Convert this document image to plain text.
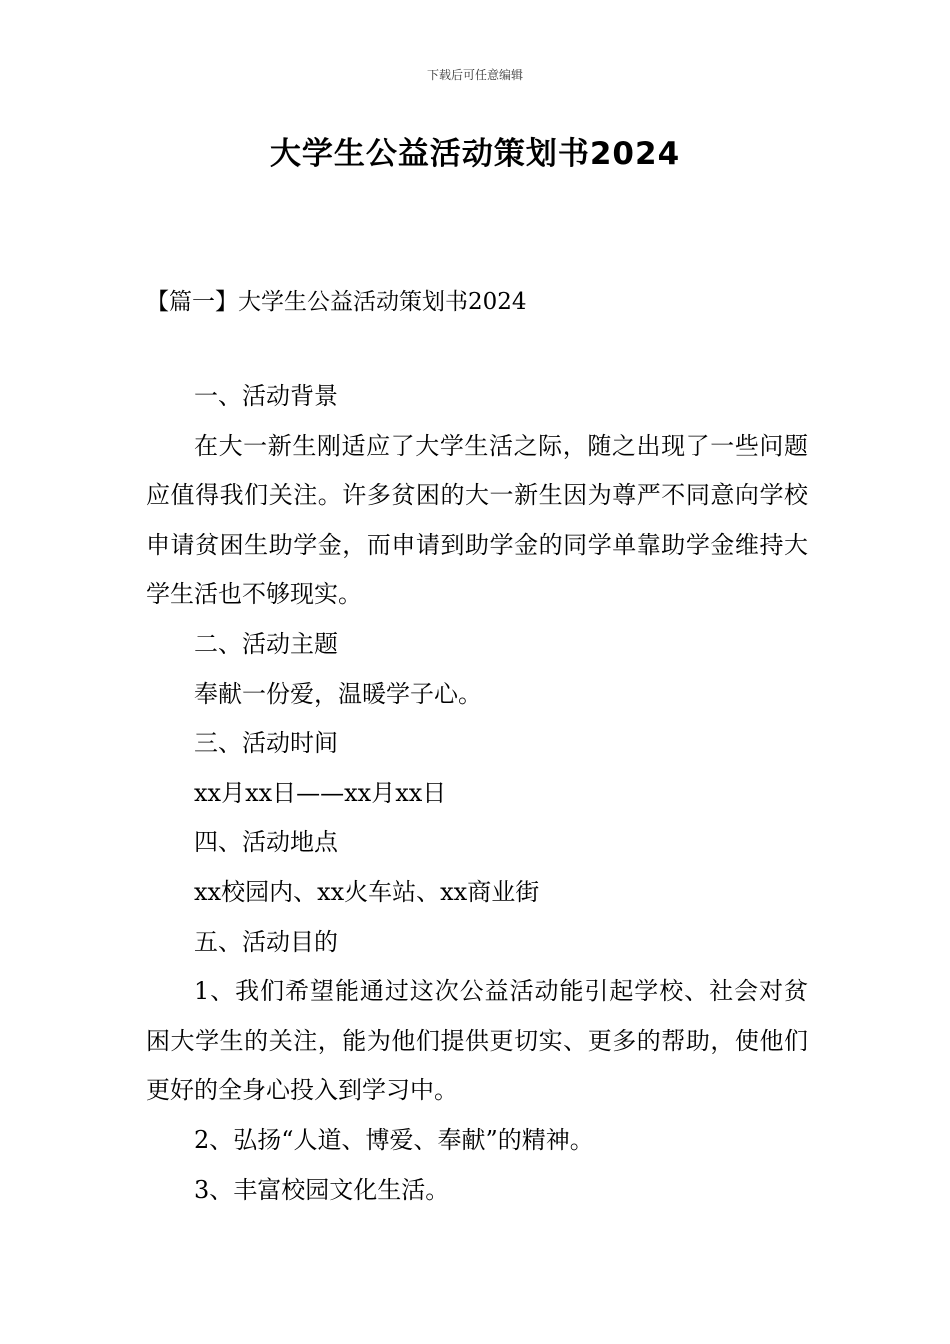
下载后可任意编辑
大学生公益活动策划书2024
【篇一】大学生公益活动策划书2024

一、活动背景

在大一新生刚适应了大学生活之际，随之出现了一些问题应值得我们关注。许多贫困的大一新生因为尊严不同意向学校申请贫困生助学金，而申请到助学金的同学单靠助学金维持大学生活也不够现实。

二、活动主题

奉献一份爱，温暖学子心。

三、活动时间

xx月xx日——xx月xx日

四、活动地点

xx校园内、xx火车站、xx商业街

五、活动目的

1、我们希望能通过这次公益活动能引起学校、社会对贫困大学生的关注，能为他们提供更切实、更多的帮助，使他们更好的全身心投入到学习中。

2、弘扬“人道、博爱、奉献”的精神。

3、丰富校园文化生活。
